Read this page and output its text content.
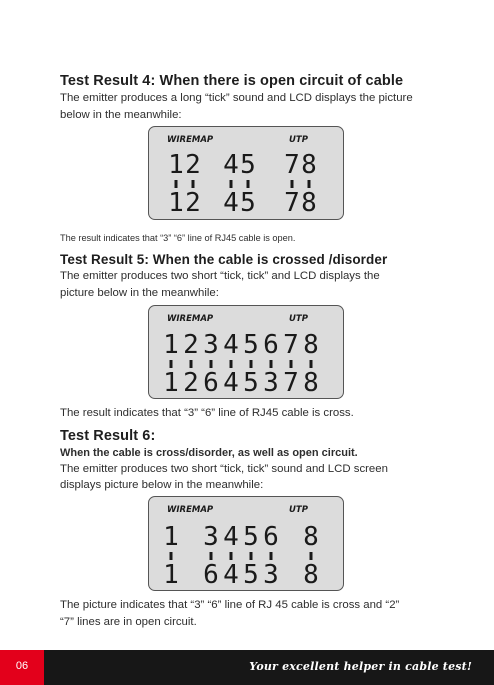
Test Result 4: When there is open circuit of cable
The emitter produces a long “tick” sound and LCD displays the picture
below in the meanwhile:
WIREMAP	UTP
1 2 4 5 7 8
1 2 4 5 7 8
The result indicates that “3” “6” line of RJ45 cable is open.
Test Result 5: When the cable is crossed /disorder
The emitter produces two short “tick, tick” and LCD displays the
picture below in the meanwhile:
WIREMAP	UTP
1 2 3 4 5 6 7 8
1 2 6 4 5 3 7 8
The result indicates that “3” “6” line of RJ45 cable is cross.
Test Result 6:
When the cable is cross/disorder, as well as open circuit.
The emitter produces two short “tick, tick” sound and LCD screen
displays picture below in the meanwhile:
WIREMAP	UTP
1 3 4 5 6 8
1 6 4 5 3 8
The picture indicates that “3” “6” line of RJ 45 cable is cross and “2”
“7” lines are in open circuit.
06	Your excellent helper in cable test!
